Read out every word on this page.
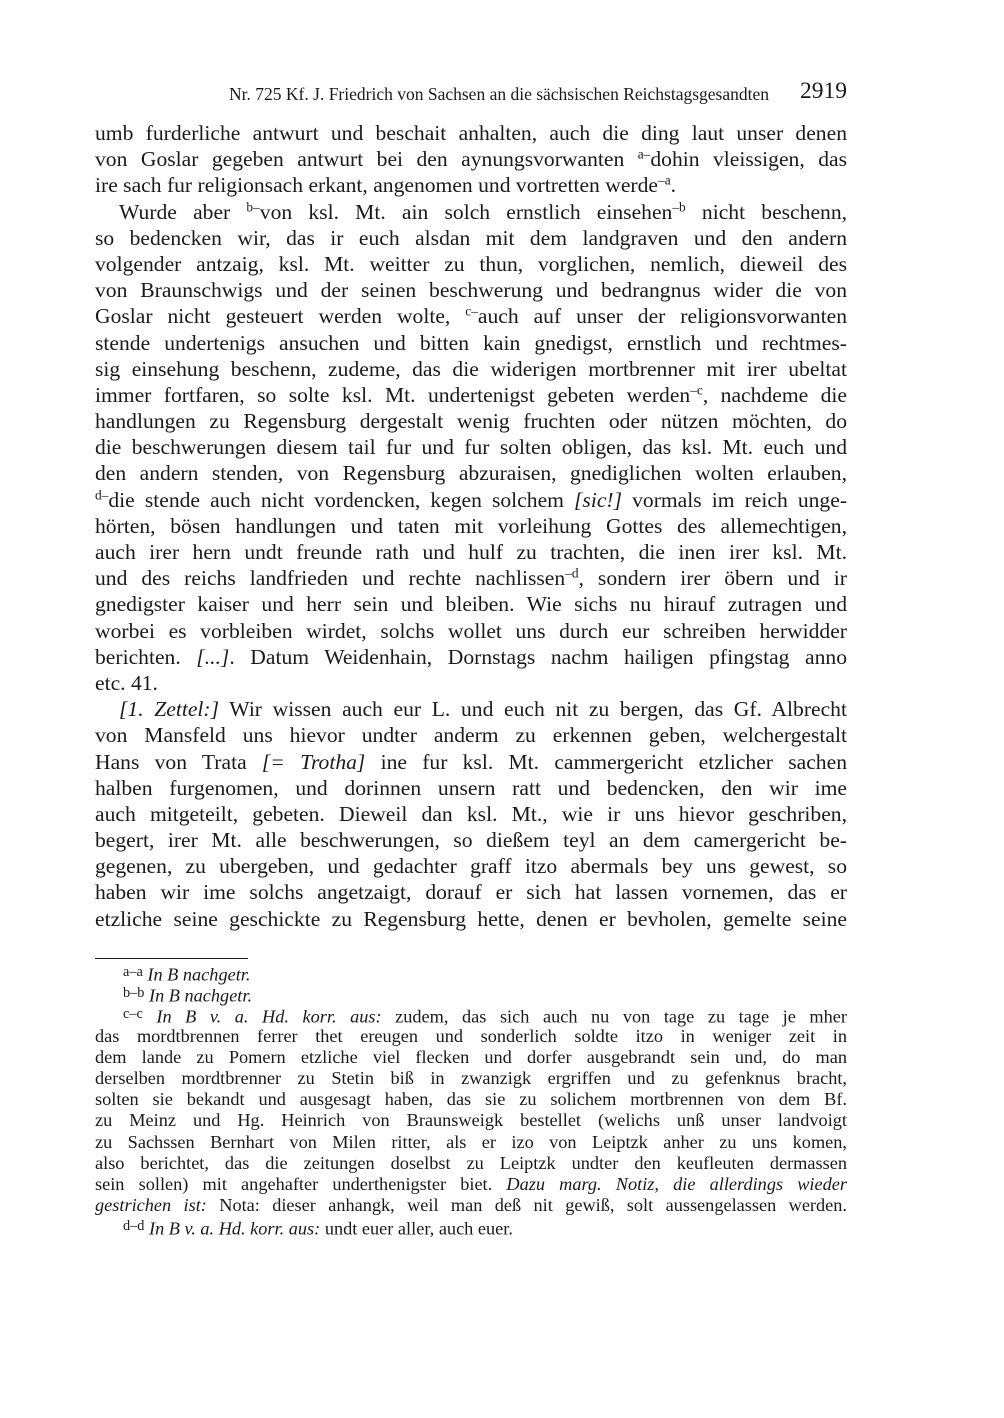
Nr. 725 Kf. J. Friedrich von Sachsen an die sächsischen Reichstagsgesandten 2919
umb furderliche antwurt und beschait anhalten, auch die ding laut unser denen
von Goslar gegeben antwurt bei den aynungsvorwanten $^{a-}$dohin vleissigen, das
ire sach fur religionsach erkant, angenomen und vortretten werde$^{-a}$.
Wurde aber $^{b-}$von ksl. Mt. ain solch ernstlich einsehen$^{-b}$ nicht beschenn,
so bedencken wir, das ir euch alsdan mit dem landgraven und den andern
volgender antzaig, ksl. Mt. weitter zu thun, vorglichen, nemlich, dieweil des
von Braunschwigs und der seinen beschwerung und bedrangnus wider die von
Goslar nicht gesteuert werden wolte, $^{c-}$auch auf unser der religionsvorwanten
stende undertenigs ansuchen und bitten kain gnedigst, ernstlich und rechtmes-
sig einsehung beschenn, zudeme, das die widerigen mortbrenner mit irer ubeltat
immer fortfaren, so solte ksl. Mt. undertenigst gebeten werden$^{-c}$, nachdeme die
handlungen zu Regensburg dergestalt wenig fruchten oder nützen möchten, do
die beschwerungen diesem tail fur und fur solten obligen, das ksl. Mt. euch und
den andern stenden, von Regensburg abzuraisen, gnediglichen wolten erlauben,
$^{d-}$die stende auch nicht vordencken, kegen solchem [sic!] vormals im reich unge-
hörten, bösen handlungen und taten mit vorleihung Gottes des allemechtigen,
auch irer hern undt freunde rath und hulf zu trachten, die inen irer ksl. Mt.
und des reichs landfrieden und rechte nachlissen$^{-d}$, sondern irer öbern und ir
gnedigster kaiser und herr sein und bleiben. Wie sichs nu hirauf zutragen und
worbei es vorbleiben wirdet, solchs wollet uns durch eur schreiben herwidder
berichten. [...]. Datum Weidenhain, Dornstags nachm hailigen pfingstag anno
etc. 41.
[1. Zettel:] Wir wissen auch eur L. und euch nit zu bergen, das Gf. Albrecht
von Mansfeld uns hievor undter anderm zu erkennen geben, welchergestalt
Hans von Trata [= Trotha] ine fur ksl. Mt. cammergericht etzlicher sachen
halben furgenomen, und dorinnen unsern ratt und bedencken, den wir ime
auch mitgeteilt, gebeten. Dieweil dan ksl. Mt., wie ir uns hievor geschriben,
begert, irer Mt. alle beschwerungen, so dießem teyl an dem camergericht be-
gegenen, zu ubergeben, und gedachter graff itzo abermals bey uns gewest, so
haben wir ime solchs angetzaigt, dorauf er sich hat lassen vornemen, das er
etzliche seine geschickte zu Regensburg hette, denen er bevholen, gemelte seine
$^{a-a}$ In B nachgetr.
$^{b-b}$ In B nachgetr.
$^{c-c}$ In B v. a. Hd. korr. aus: zudem, das sich auch nu von tage zu tage je mher
das mordtbrennen ferrer thet ereugen und sonderlich soldte itzo in weniger zeit in
dem lande zu Pomern etzliche viel flecken und dorfer ausgebrandt sein und, do man
derselben mordtbrenner zu Stetin biß in zwanzigk ergriffen und zu gefenknus bracht,
solten sie bekandt und ausgesagt haben, das sie zu solichem mortbrennen von dem Bf.
zu Meinz und Hg. Heinrich von Braunsweigk bestellet (welichs unß unser landvoigt
zu Sachssen Bernhart von Milen ritter, als er izo von Leiptzk anher zu uns komen,
also berichtet, das die zeitungen doselbst zu Leiptzk undter den keufleuten dermassen
sein sollen) mit angehafter underthenigster biet. Dazu marg. Notiz, die allerdings wieder
gestrichen ist: Nota: dieser anhangk, weil man deß nit gewiß, solt aussengelassen werden.
$^{d-d}$ In B v. a. Hd. korr. aus: undt euer aller, auch euer.
